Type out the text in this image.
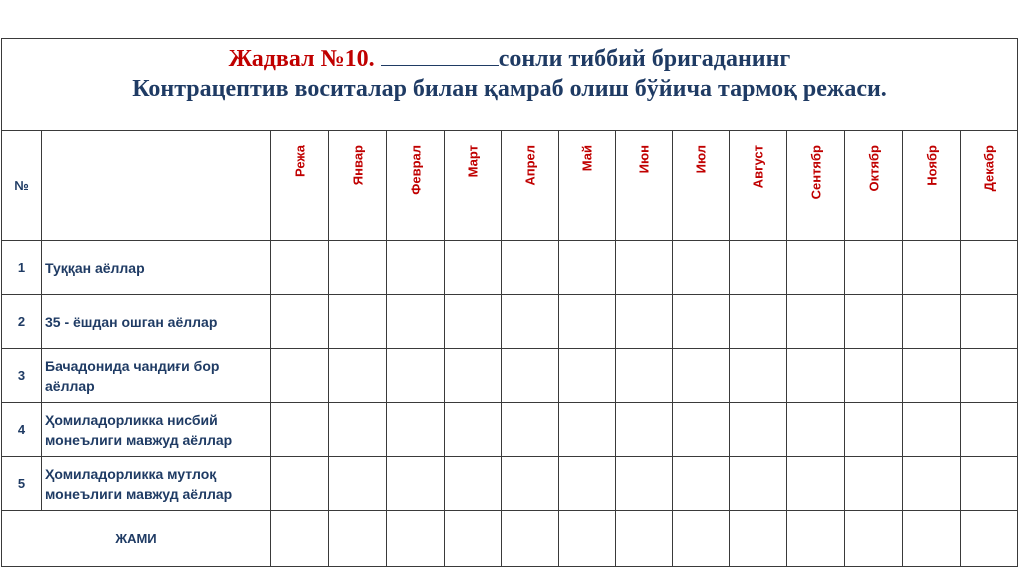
Жадвал №10. сонли тиббий бригаданинг
Контрацептив воситалар билан қамраб олиш бўйича тармоқ режаси.														

№		Режа	Январ	Феврал	Март	Апрел	Май	Июн	Июл	Август	Сентябр	Октябр	Ноябр	Декабр

1	Туққан аёллар													
2	35 - ёшдан ошган аёллар													
3	Бачадонида чандиғи бор аёллар													
4	Ҳомиладорликка нисбий монеълиги мавжуд аёллар													
5	Ҳомиладорликка мутлоқ монеълиги мавжуд аёллар													
ЖАМИ														
